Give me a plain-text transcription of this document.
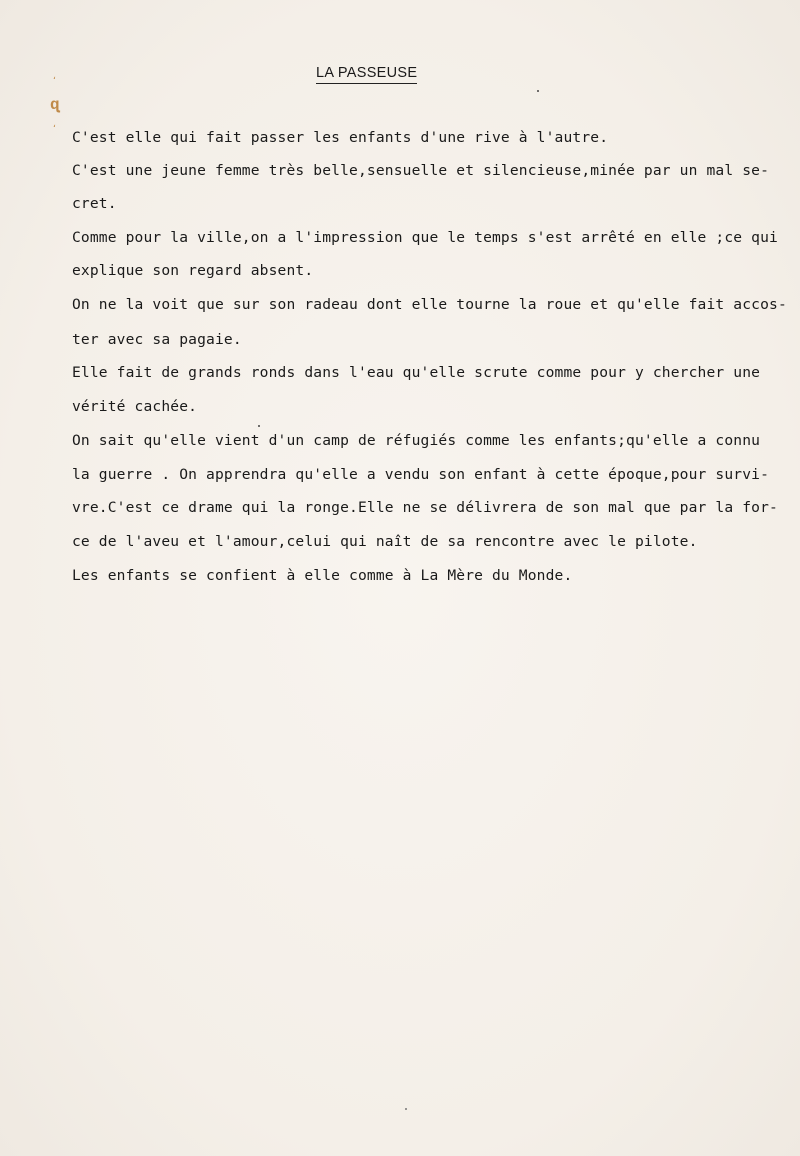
ʻ
ɋ
ʻ
LA PASSEUSE
C'est elle qui fait passer les enfants d'une rive à l'autre.
C'est une jeune femme très belle,sensuelle et silencieuse,minée par un mal se-
cret.
Comme pour la ville,on a l'impression que le temps s'est arrêté en elle ;ce qui
explique son regard absent.
On ne la voit que sur son radeau dont elle tourne la roue et qu'elle fait accos-
ter avec sa pagaie.
Elle fait de grands ronds dans l'eau qu'elle scrute comme pour y chercher une
vérité cachée.
On sait qu'elle vient d'un camp de réfugiés comme les enfants;qu'elle a connu
la guerre . On apprendra qu'elle a vendu son enfant à cette époque,pour survi-
vre.C'est ce drame qui la ronge.Elle ne se délivrera de son mal que par la for-
ce de l'aveu et l'amour,celui qui naît de sa rencontre avec le pilote.
Les enfants se confient à elle comme à La Mère du Monde.
